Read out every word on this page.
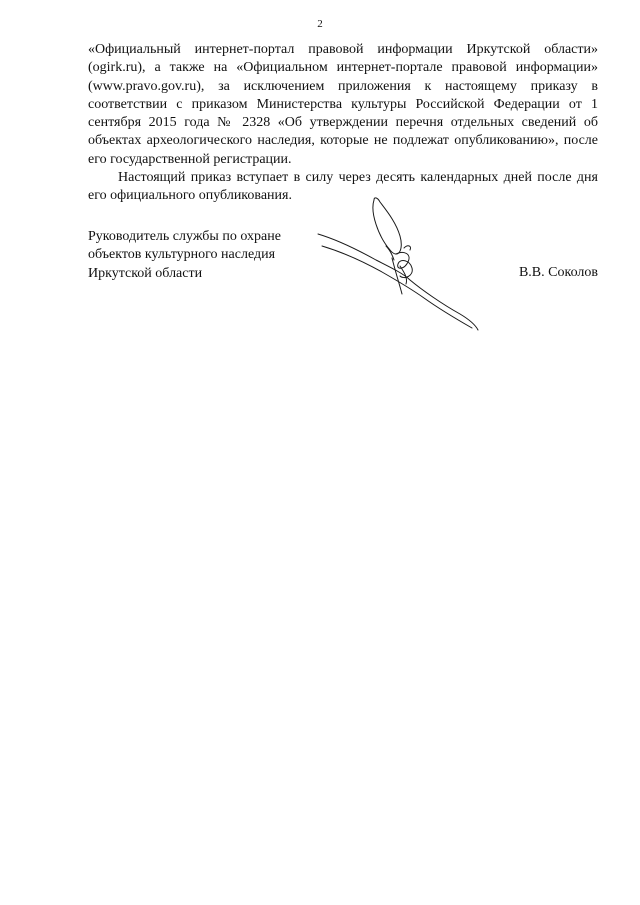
2

«Официальный интернет-портал правовой информации Иркутской области» (ogirk.ru), а также на «Официальном интернет-портале правовой информации» (www.pravo.gov.ru), за исключением приложения к настоящему приказу в соответствии с приказом Министерства культуры Российской Федерации от 1 сентября 2015 года № 2328 «Об утверждении перечня отдельных сведений об объектах археологического наследия, которые не подлежат опубликованию», после его государственной регистрации.

Настоящий приказ вступает в силу через десять календарных дней после дня его официального опубликования.

Руководитель службы по охране
объектов культурного наследия
Иркутской области	В.В. Соколов
